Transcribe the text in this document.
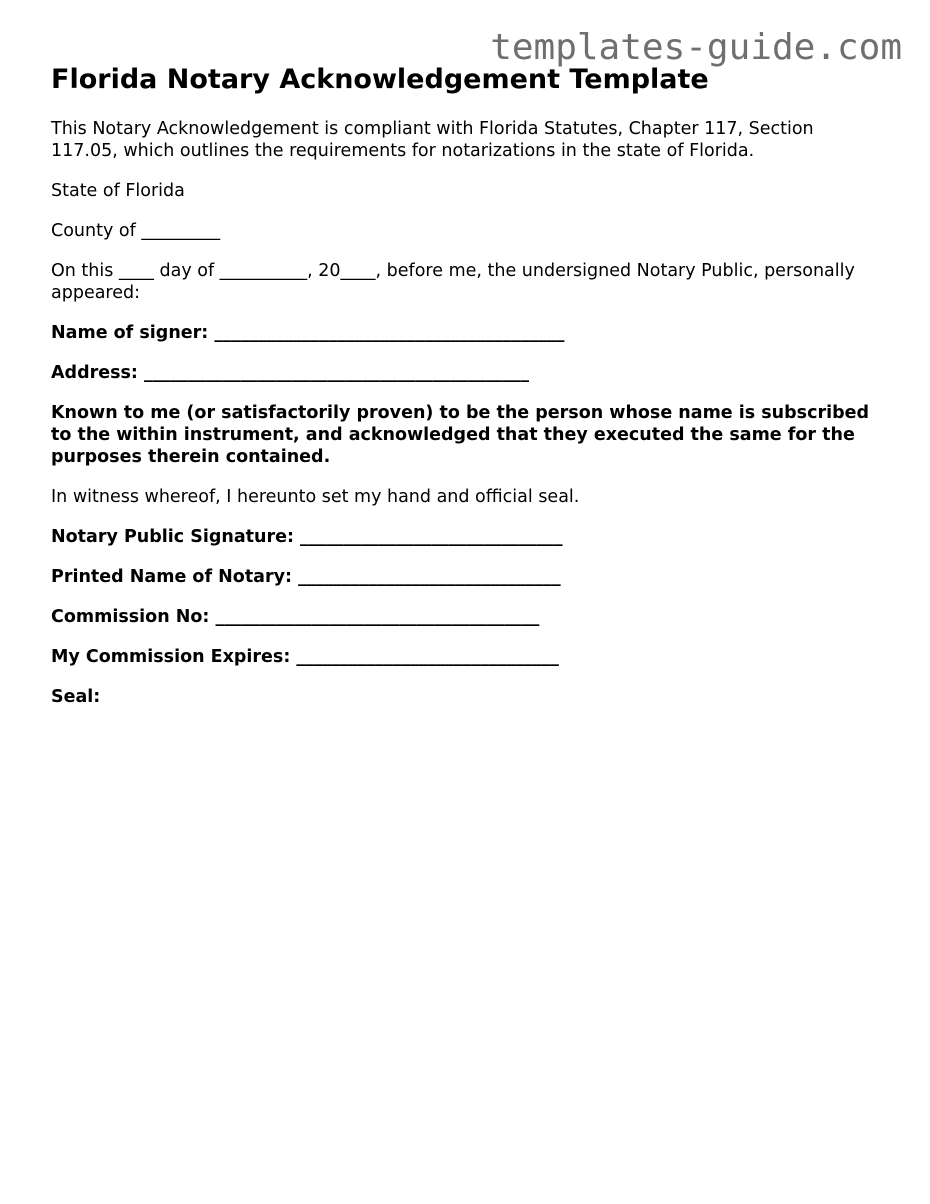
templates-guide.com
Florida Notary Acknowledgement Template

This Notary Acknowledgement is compliant with Florida Statutes, Chapter 117, Section 117.05, which outlines the requirements for notarizations in the state of Florida.

State of Florida

County of _________

On this ____ day of __________, 20____, before me, the undersigned Notary Public, personally appeared:

Name of signer: ________________________________________

Address: ____________________________________________

Known to me (or satisfactorily proven) to be the person whose name is subscribed to the within instrument, and acknowledged that they executed the same for the purposes therein contained.

In witness whereof, I hereunto set my hand and official seal.

Notary Public Signature: ______________________________

Printed Name of Notary: ______________________________

Commission No: _____________________________________

My Commission Expires: ______________________________

Seal:
